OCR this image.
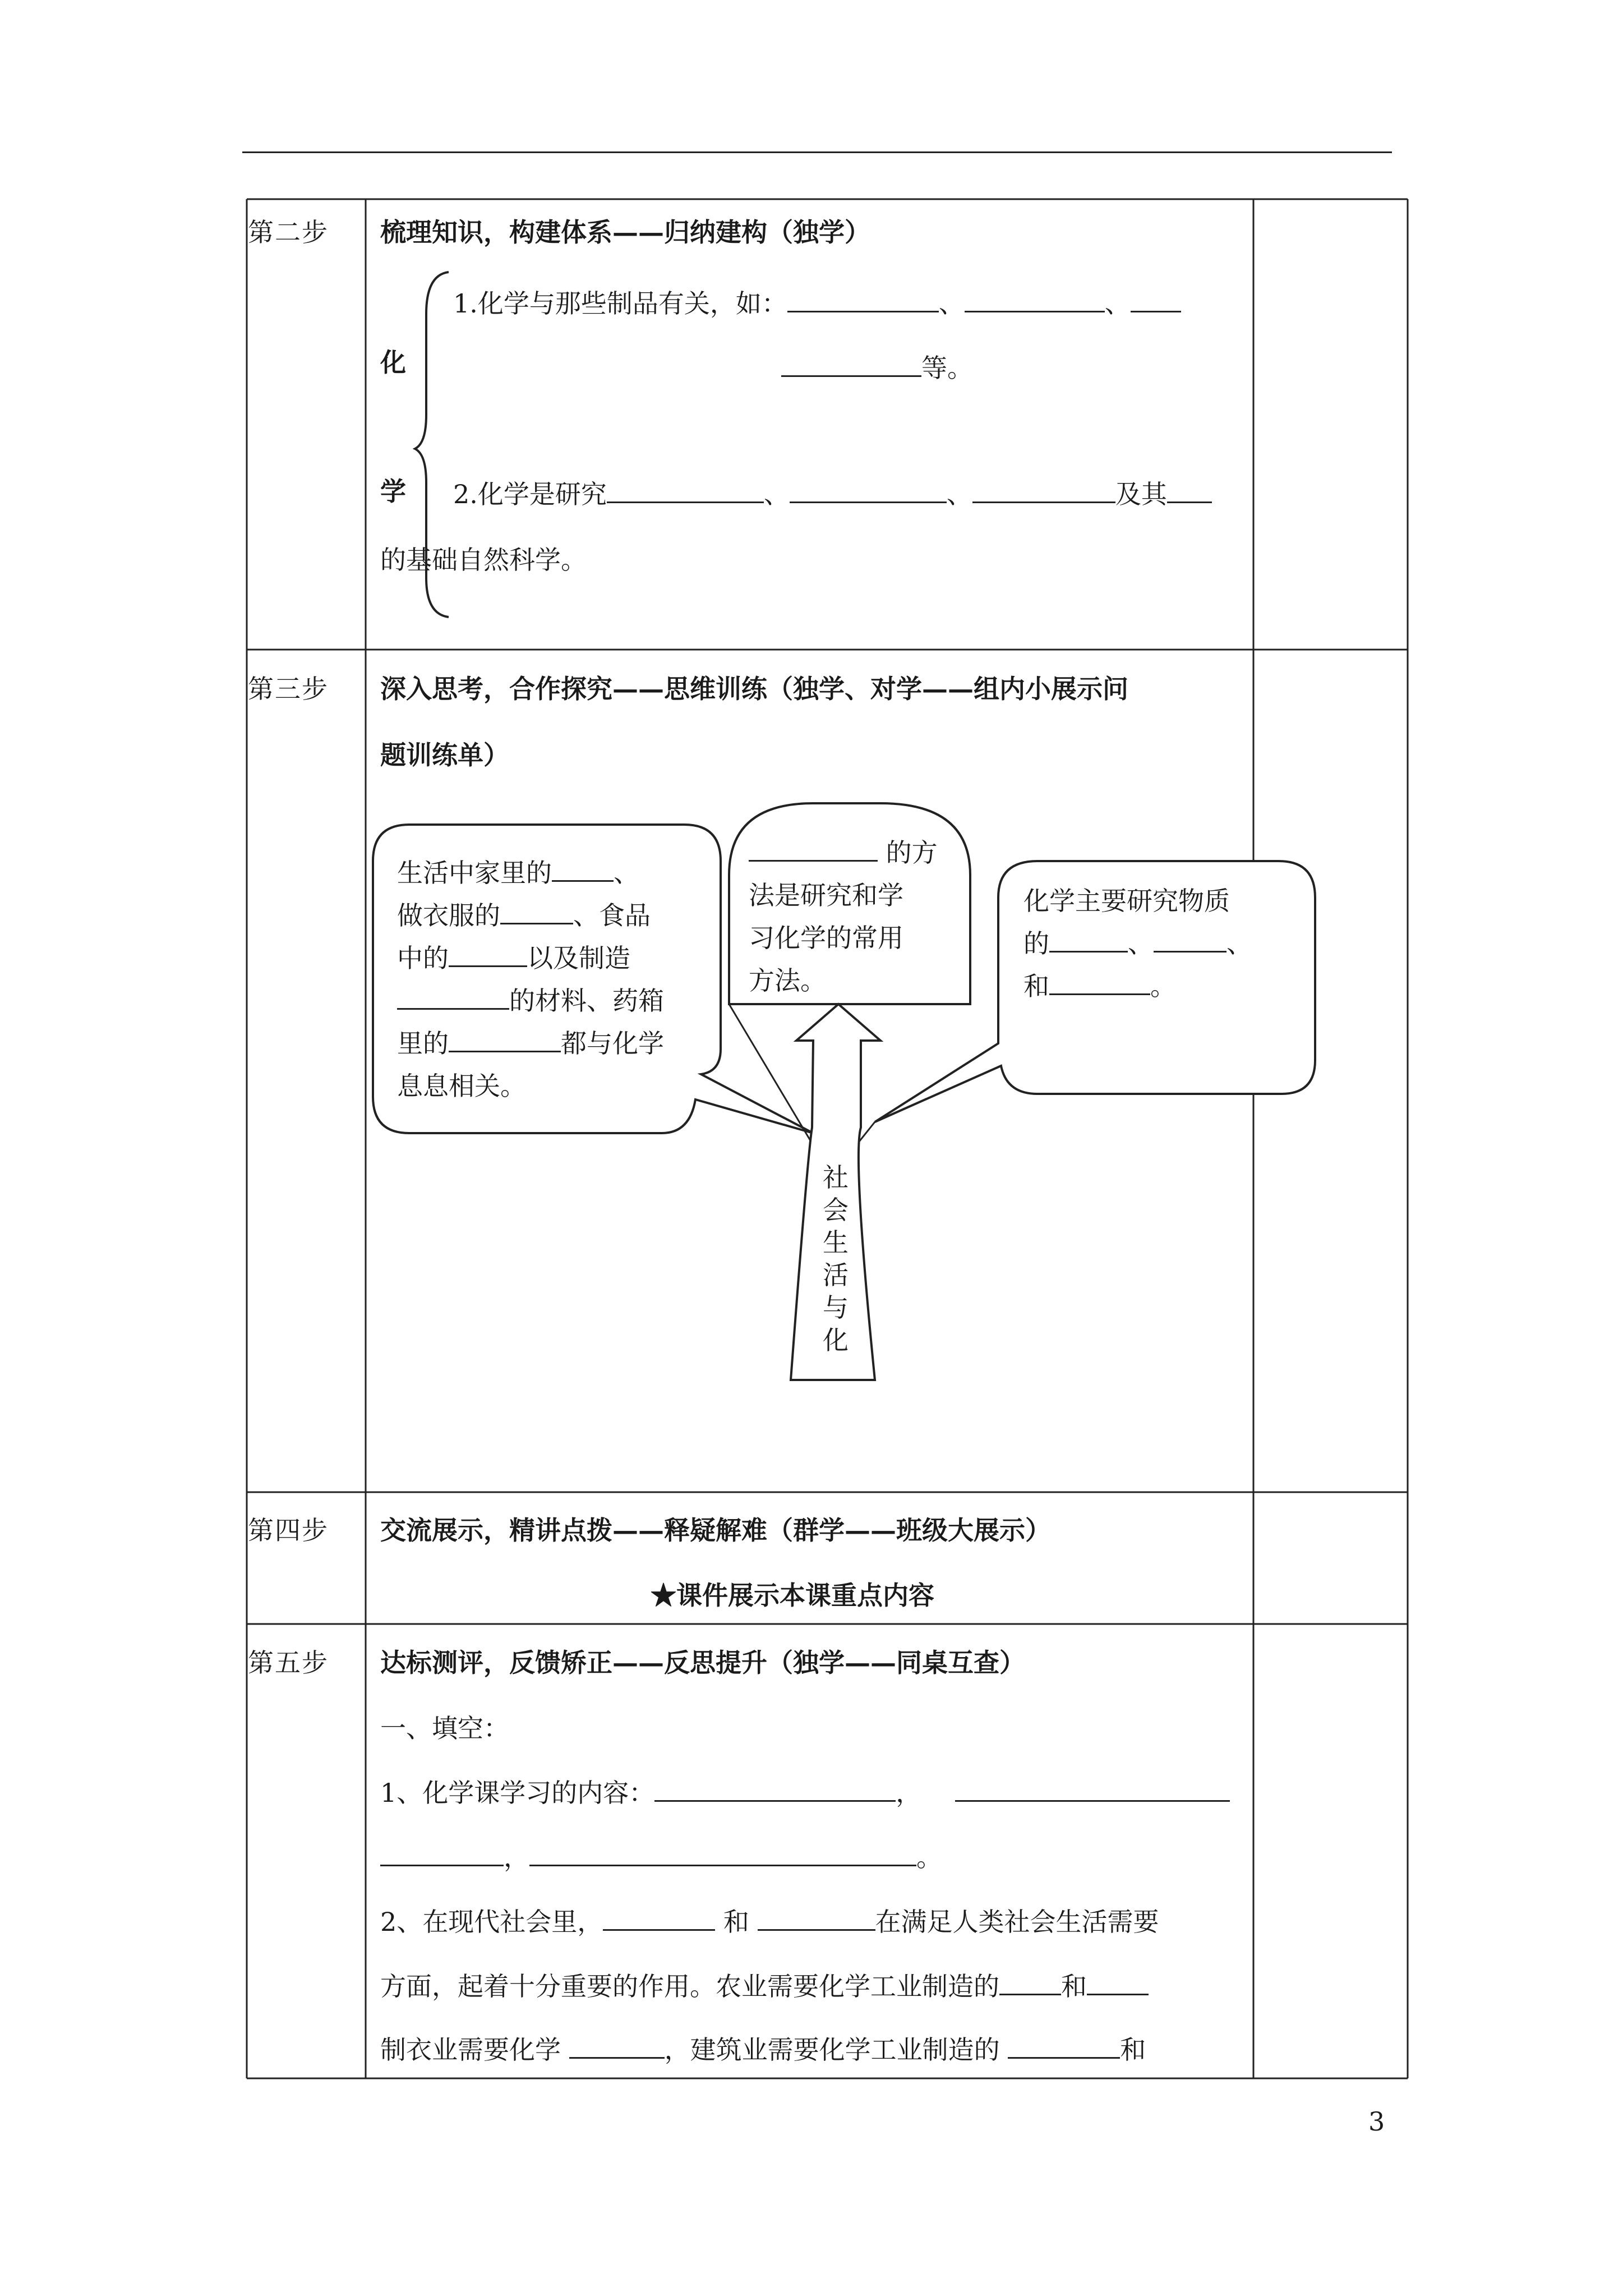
第二步 梳理知识，构建体系——归纳建构（独学）
化
学
1.化学与那些制品有关，如：	、	、
等。
2.化学是研究	、	、	及其
的基础自然科学。
第三步 深入思考，合作探究——思维训练（独学、对学——组内小展示问
题训练单）
生活中家里的 、
做衣服的	、食品
中的	以及制造
的材料、药箱
里的	都与化学
息息相关。
的方
法是研究和学
习化学的常用
方法。
化学主要研究物质
的	、	、
和	。
社
会
生
活
与
化
第四步 交流展示，精讲点拨——释疑解难（群学——班级大展示）
★课件展示本课重点内容
第五步 达标测评，反馈矫正——反思提升（独学——同桌互查）
一、填空：
1、化学课学习的内容：	，
，	。
2、在现代社会里，	和	在满足人类社会生活需要
方面，起着十分重要的作用。农业需要化学工业制造的 和
制衣业需要化学	，建筑业需要化学工业制造的	和
3
